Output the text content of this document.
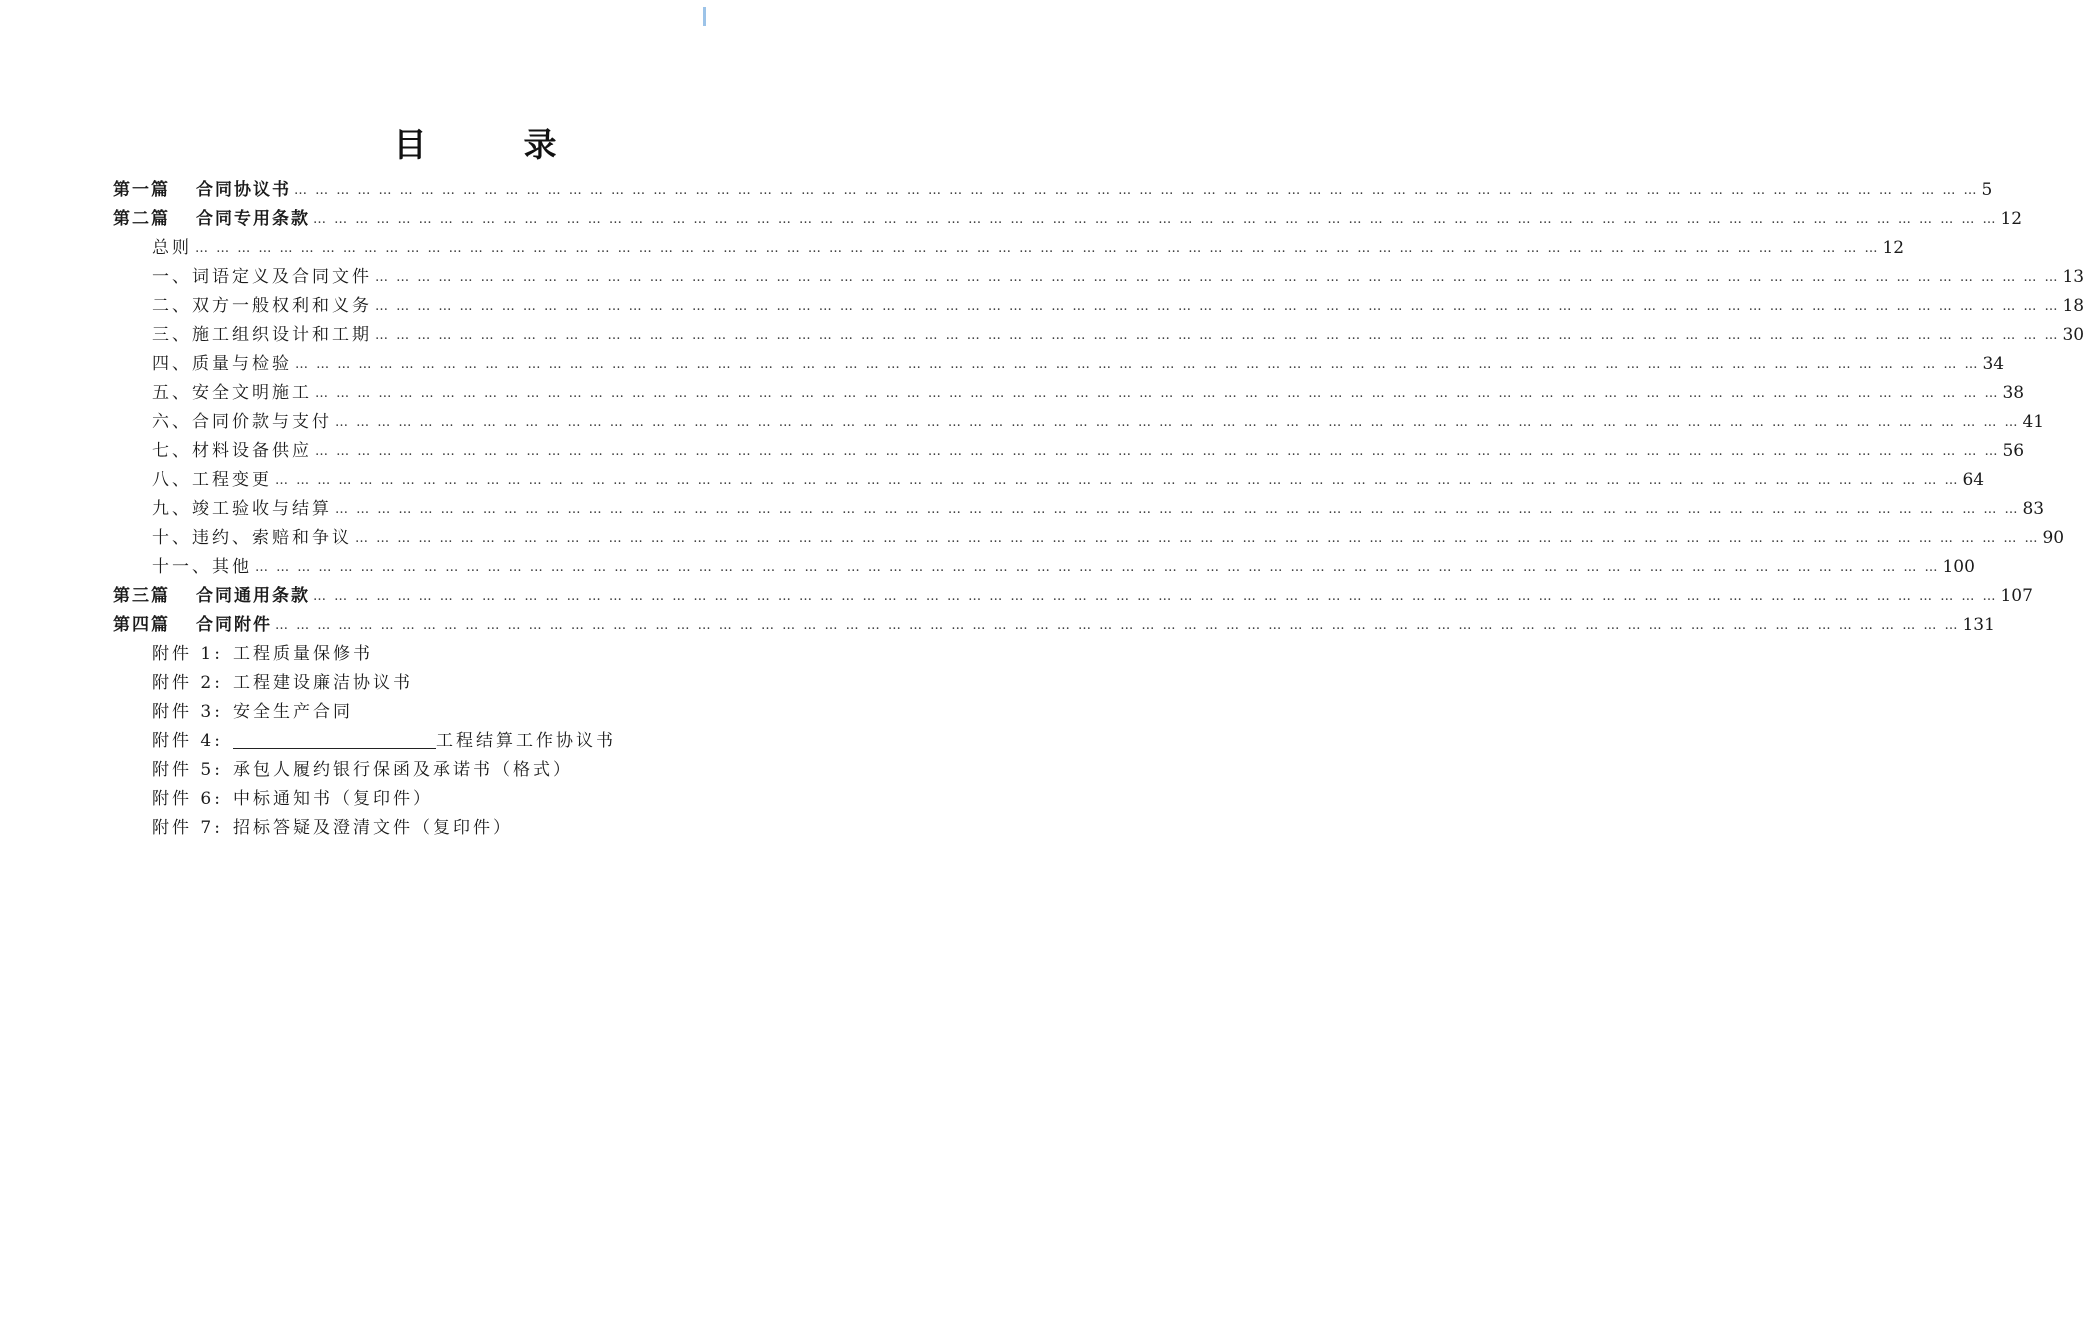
目　录
第一篇 合同协议书 … … … … … … … … … … … … … … … … … … … … … … … … … … … … … … … … … … … … … … … … … … … … … … … … … … … … … … … … … … … … … … … … … … … … … … … … … … … … … … … … 5
第二篇 合同专用条款 … … … … … … … … … … … … … … … … … … … … … … … … … … … … … … … … … … … … … … … … … … … … … … … … … … … … … … … … … … … … … … … … … … … … … … … … … … … … … … … … 12
总则 … … … … … … … … … … … … … … … … … … … … … … … … … … … … … … … … … … … … … … … … … … … … … … … … … … … … … … … … … … … … … … … … … … … … … … … … … … … … … … … … 12
一、词语定义及合同文件 … … … … … … … … … … … … … … … … … … … … … … … … … … … … … … … … … … … … … … … … … … … … … … … … … … … … … … … … … … … … … … … … … … … … … … … … … … … … … … … … 13
二、双方一般权利和义务 … … … … … … … … … … … … … … … … … … … … … … … … … … … … … … … … … … … … … … … … … … … … … … … … … … … … … … … … … … … … … … … … … … … … … … … … … … … … … … … … 18
三、施工组织设计和工期 … … … … … … … … … … … … … … … … … … … … … … … … … … … … … … … … … … … … … … … … … … … … … … … … … … … … … … … … … … … … … … … … … … … … … … … … … … … … … … … … 30
四、质量与检验 … … … … … … … … … … … … … … … … … … … … … … … … … … … … … … … … … … … … … … … … … … … … … … … … … … … … … … … … … … … … … … … … … … … … … … … … … … … … … … … … 34
五、安全文明施工 … … … … … … … … … … … … … … … … … … … … … … … … … … … … … … … … … … … … … … … … … … … … … … … … … … … … … … … … … … … … … … … … … … … … … … … … … … … … … … … … 38
六、合同价款与支付 … … … … … … … … … … … … … … … … … … … … … … … … … … … … … … … … … … … … … … … … … … … … … … … … … … … … … … … … … … … … … … … … … … … … … … … … … … … … … … … … 41
七、材料设备供应 … … … … … … … … … … … … … … … … … … … … … … … … … … … … … … … … … … … … … … … … … … … … … … … … … … … … … … … … … … … … … … … … … … … … … … … … … … … … … … … … 56
八、工程变更 … … … … … … … … … … … … … … … … … … … … … … … … … … … … … … … … … … … … … … … … … … … … … … … … … … … … … … … … … … … … … … … … … … … … … … … … … … … … … … … … 64
九、竣工验收与结算 … … … … … … … … … … … … … … … … … … … … … … … … … … … … … … … … … … … … … … … … … … … … … … … … … … … … … … … … … … … … … … … … … … … … … … … … … … … … … … … … 83
十、违约、索赔和争议 … … … … … … … … … … … … … … … … … … … … … … … … … … … … … … … … … … … … … … … … … … … … … … … … … … … … … … … … … … … … … … … … … … … … … … … … … … … … … … … … 90
十一、其他 … … … … … … … … … … … … … … … … … … … … … … … … … … … … … … … … … … … … … … … … … … … … … … … … … … … … … … … … … … … … … … … … … … … … … … … … … … … … … … … … 100
第三篇 合同通用条款 … … … … … … … … … … … … … … … … … … … … … … … … … … … … … … … … … … … … … … … … … … … … … … … … … … … … … … … … … … … … … … … … … … … … … … … … … … … … … … … … 107
第四篇 合同附件 … … … … … … … … … … … … … … … … … … … … … … … … … … … … … … … … … … … … … … … … … … … … … … … … … … … … … … … … … … … … … … … … … … … … … … … … … … … … … … … … 131
附件 1: 工程质量保修书
附件 2: 工程建设廉洁协议书
附件 3: 安全生产合同
附件 4:	工程结算工作协议书
附件 5: 承包人履约银行保函及承诺书（格式）
附件 6: 中标通知书（复印件）
附件 7: 招标答疑及澄清文件（复印件）
